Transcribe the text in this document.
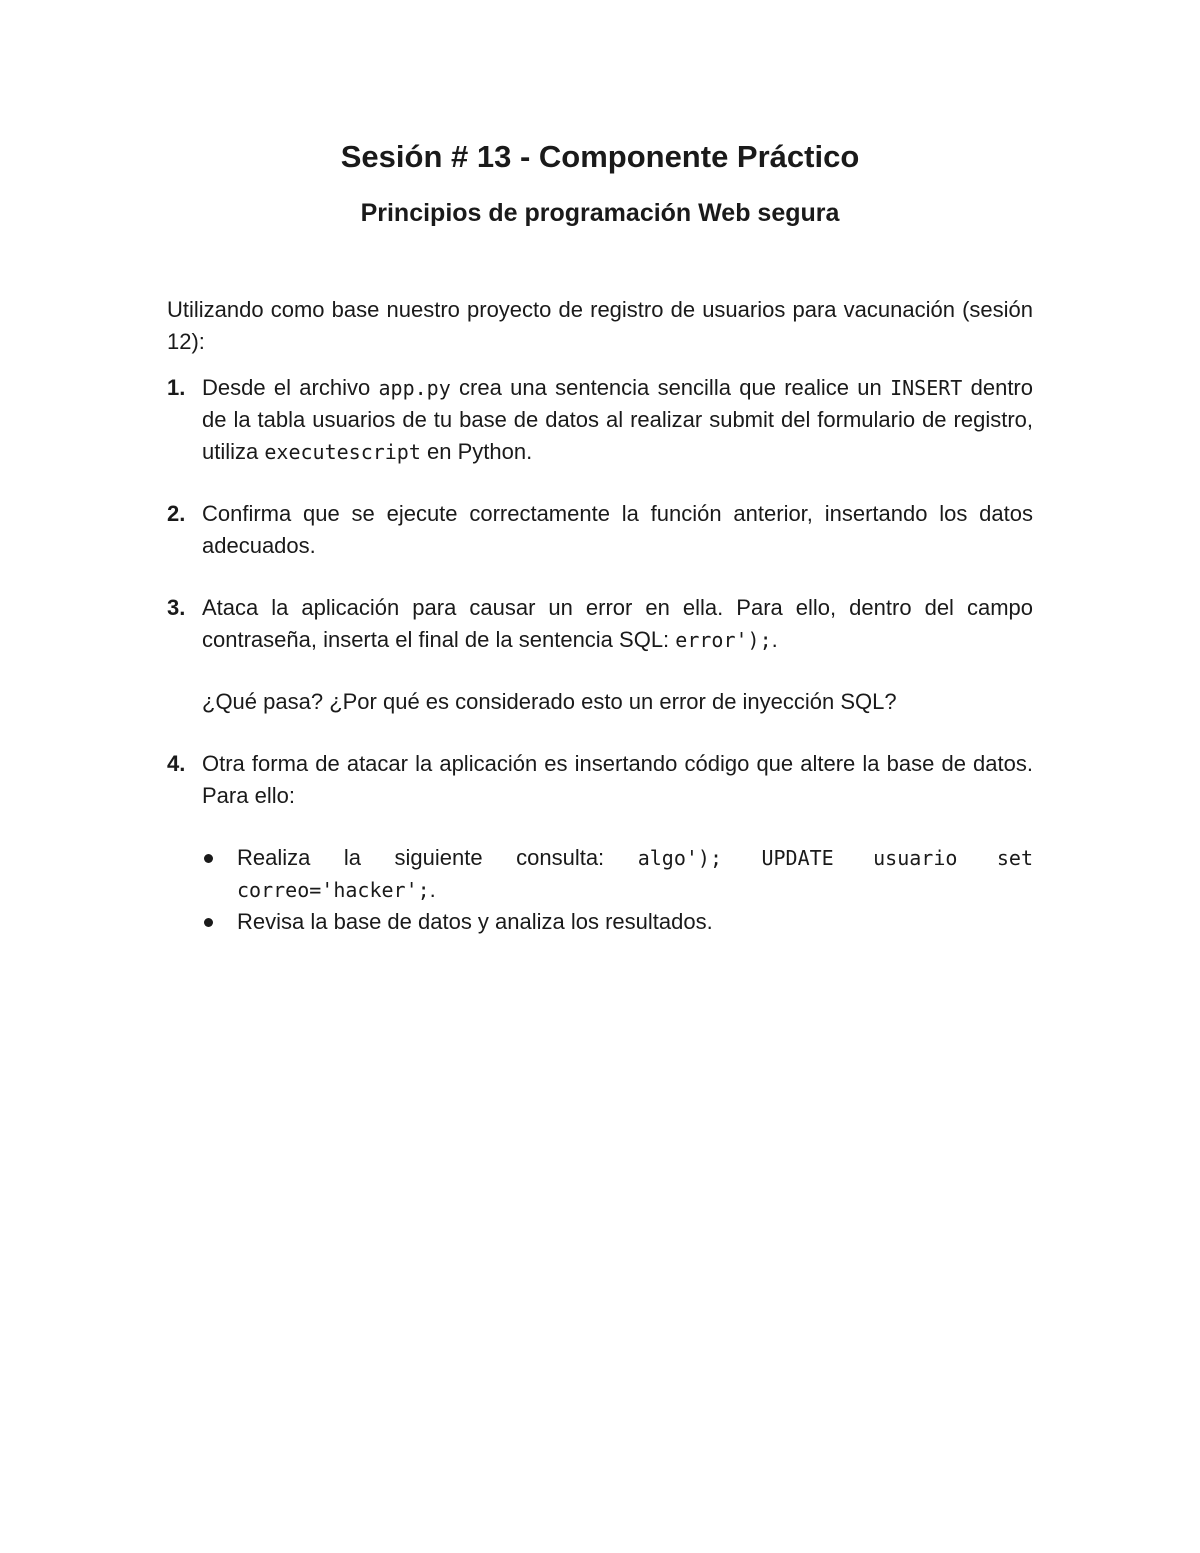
Sesión # 13 - Componente Práctico
Principios de programación Web segura

Utilizando como base nuestro proyecto de registro de usuarios para vacunación (sesión 12):

1. Desde el archivo app.py crea una sentencia sencilla que realice un INSERT dentro de la tabla usuarios de tu base de datos al realizar submit del formulario de registro, utiliza executescript en Python.
2. Confirma que se ejecute correctamente la función anterior, insertando los datos adecuados.
3. Ataca la aplicación para causar un error en ella. Para ello, dentro del campo contraseña, inserta el final de la sentencia SQL: error');.

¿Qué pasa? ¿Por qué es considerado esto un error de inyección SQL?

4. Otra forma de atacar la aplicación es insertando código que altere la base de datos. Para ello:

Realiza la siguiente consulta: algo'); UPDATE usuario set
correo='hacker';.
Revisa la base de datos y analiza los resultados.
